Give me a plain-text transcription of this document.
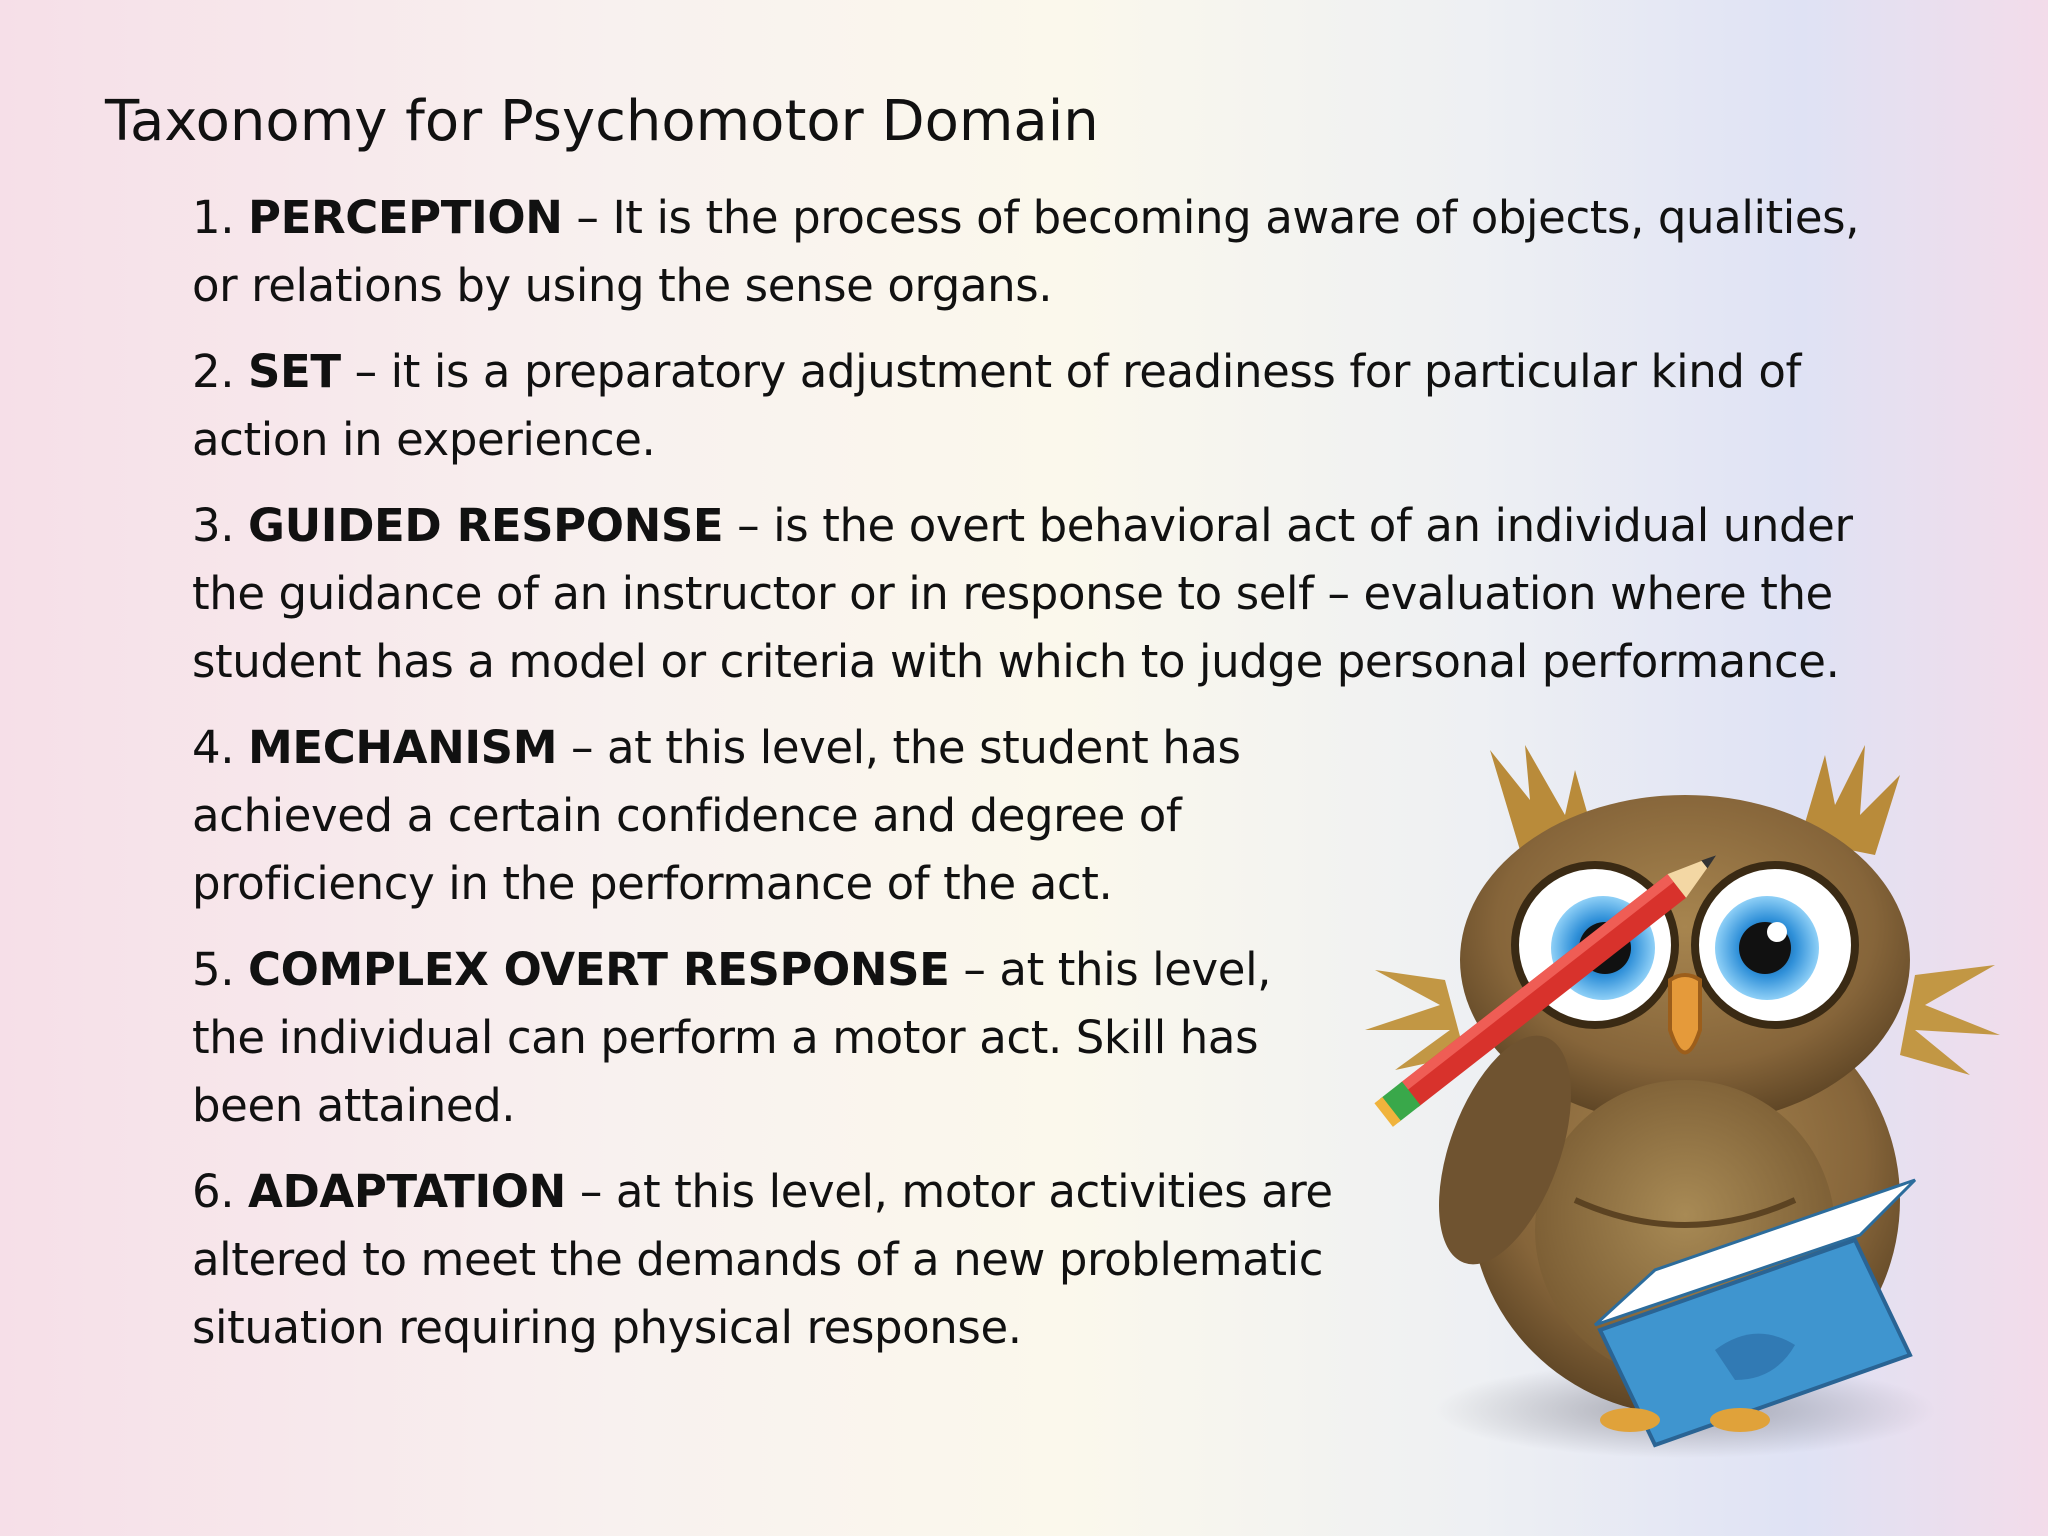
Taxonomy for Psychomotor Domain
1. PERCEPTION – It is the process of becoming aware of objects, qualities, or relations by using the sense organs.
2. SET – it is a preparatory adjustment of readiness for particular kind of action in experience.
3. GUIDED RESPONSE – is the overt behavioral act of an individual under the guidance of an instructor or in response to self – evaluation where the student has a model or criteria with which to judge personal performance.
4. MECHANISM – at this level, the student has achieved a certain confidence and degree of proficiency in the performance of the act.
5. COMPLEX OVERT RESPONSE – at this level, the individual can perform a motor act. Skill has been attained.
6. ADAPTATION – at this level, motor activities are altered to meet the demands of a new problematic situation requiring physical response.
